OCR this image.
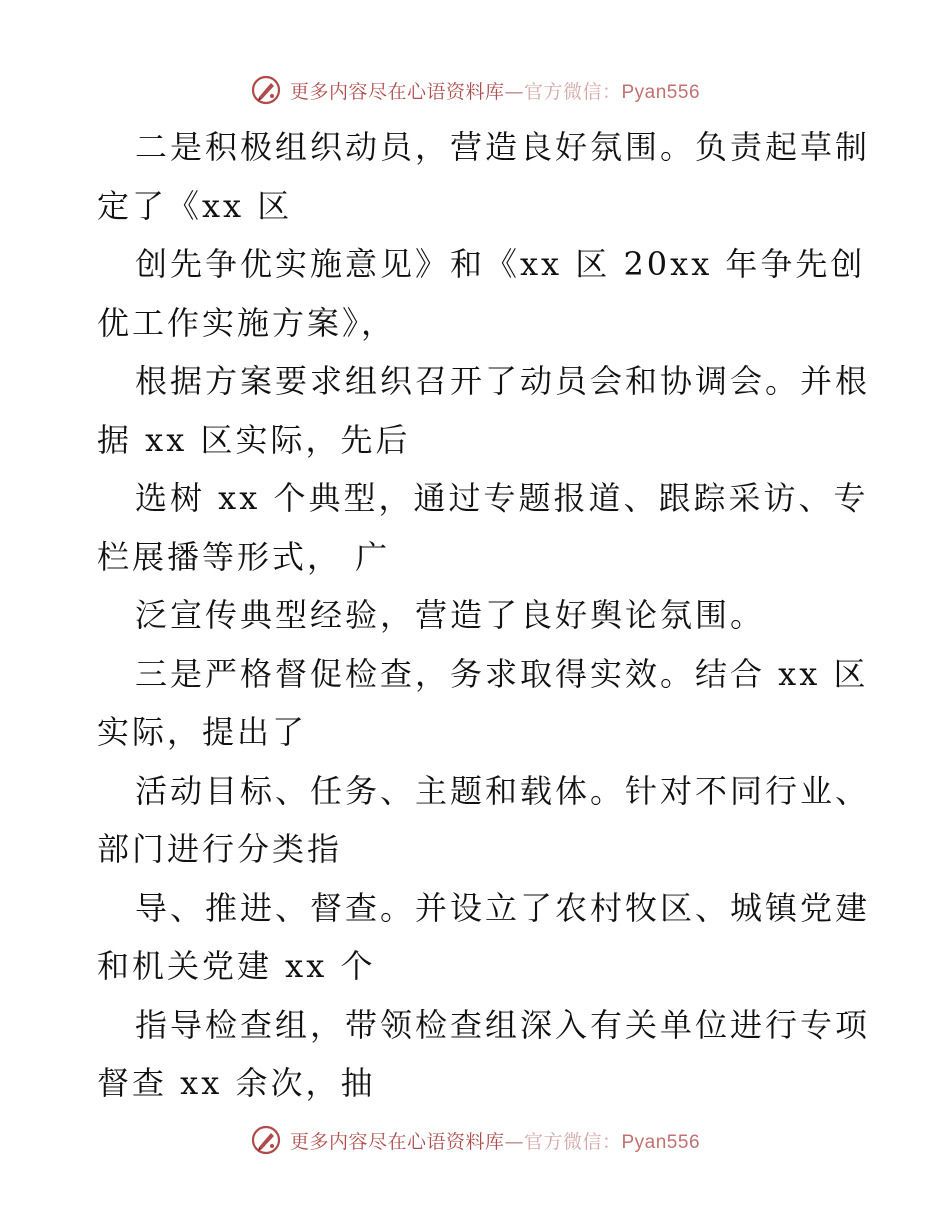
更多内容尽在心语资料库—官方微信：Pyan556
二是积极组织动员，营造良好氛围。负责起草制
定了《xx 区
创先争优实施意见》和《xx 区 20xx 年争先创
优工作实施方案》，
根据方案要求组织召开了动员会和协调会。并根
据 xx 区实际，先后
选树 xx 个典型，通过专题报道、跟踪采访、专
栏展播等形式， 广
泛宣传典型经验，营造了良好舆论氛围。
三是严格督促检查，务求取得实效。结合 xx 区
实际，提出了
活动目标、任务、主题和载体。针对不同行业、
部门进行分类指
导、推进、督查。并设立了农村牧区、城镇党建
和机关党建 xx 个
指导检查组，带领检查组深入有关单位进行专项
督查 xx 余次，抽
更多内容尽在心语资料库—官方微信：Pyan556
